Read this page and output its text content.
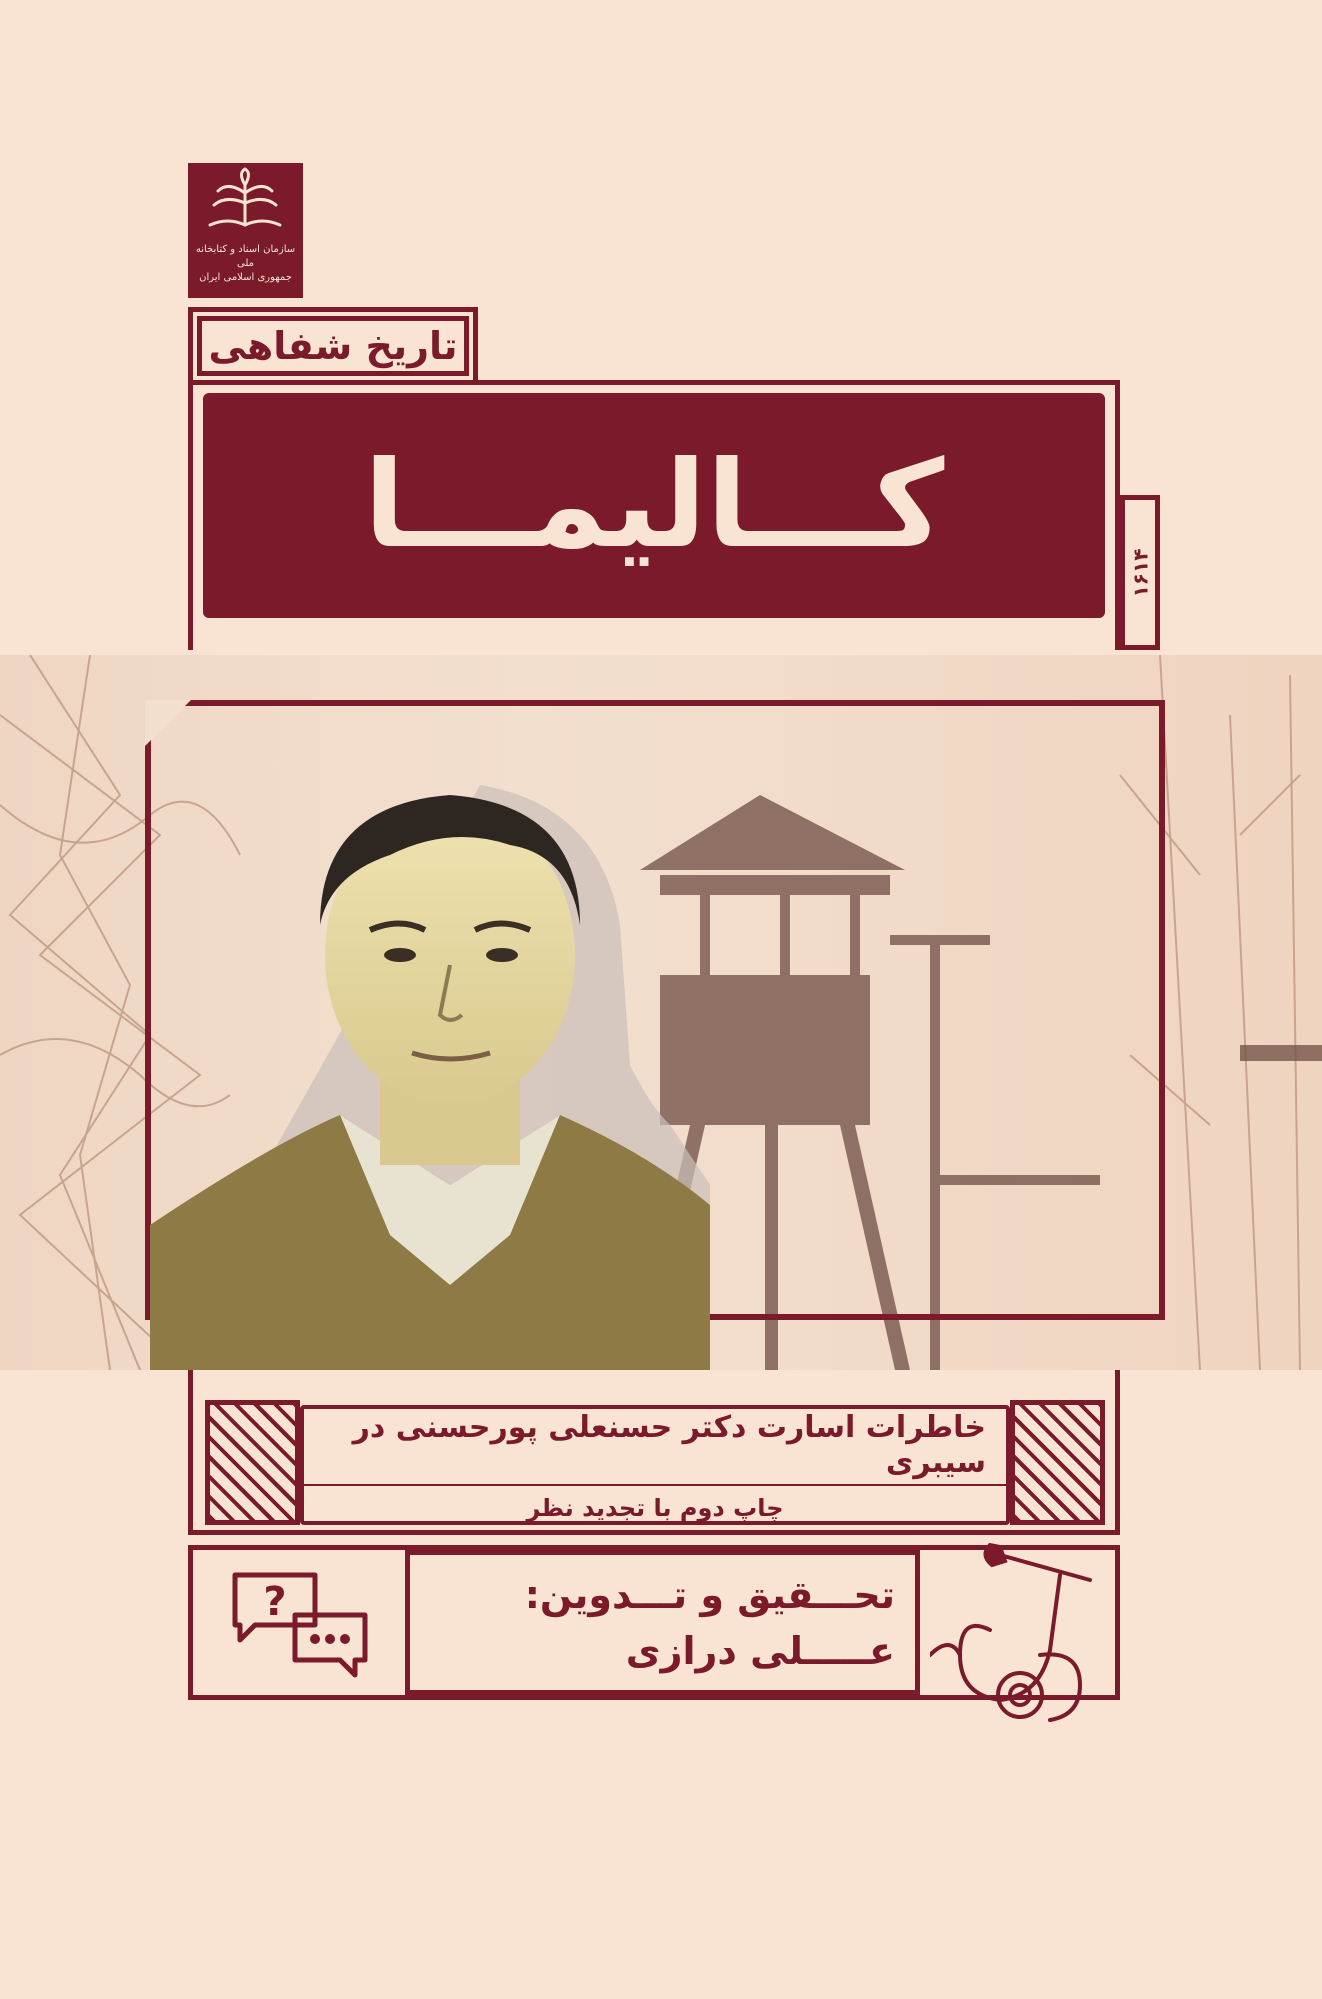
سازمان اسناد و کتابخانه ملی
جمهوری اسلامی ایران
تاریخ شفاهی
کـــالیمـــا	۱۶۱۴
خاطرات اسارت دکتر حسنعلی پورحسنی در سیبری
چاپ دوم با تجدید نظر
?	تحـــقیق و تـــدوین:
عـــــلی درازی
